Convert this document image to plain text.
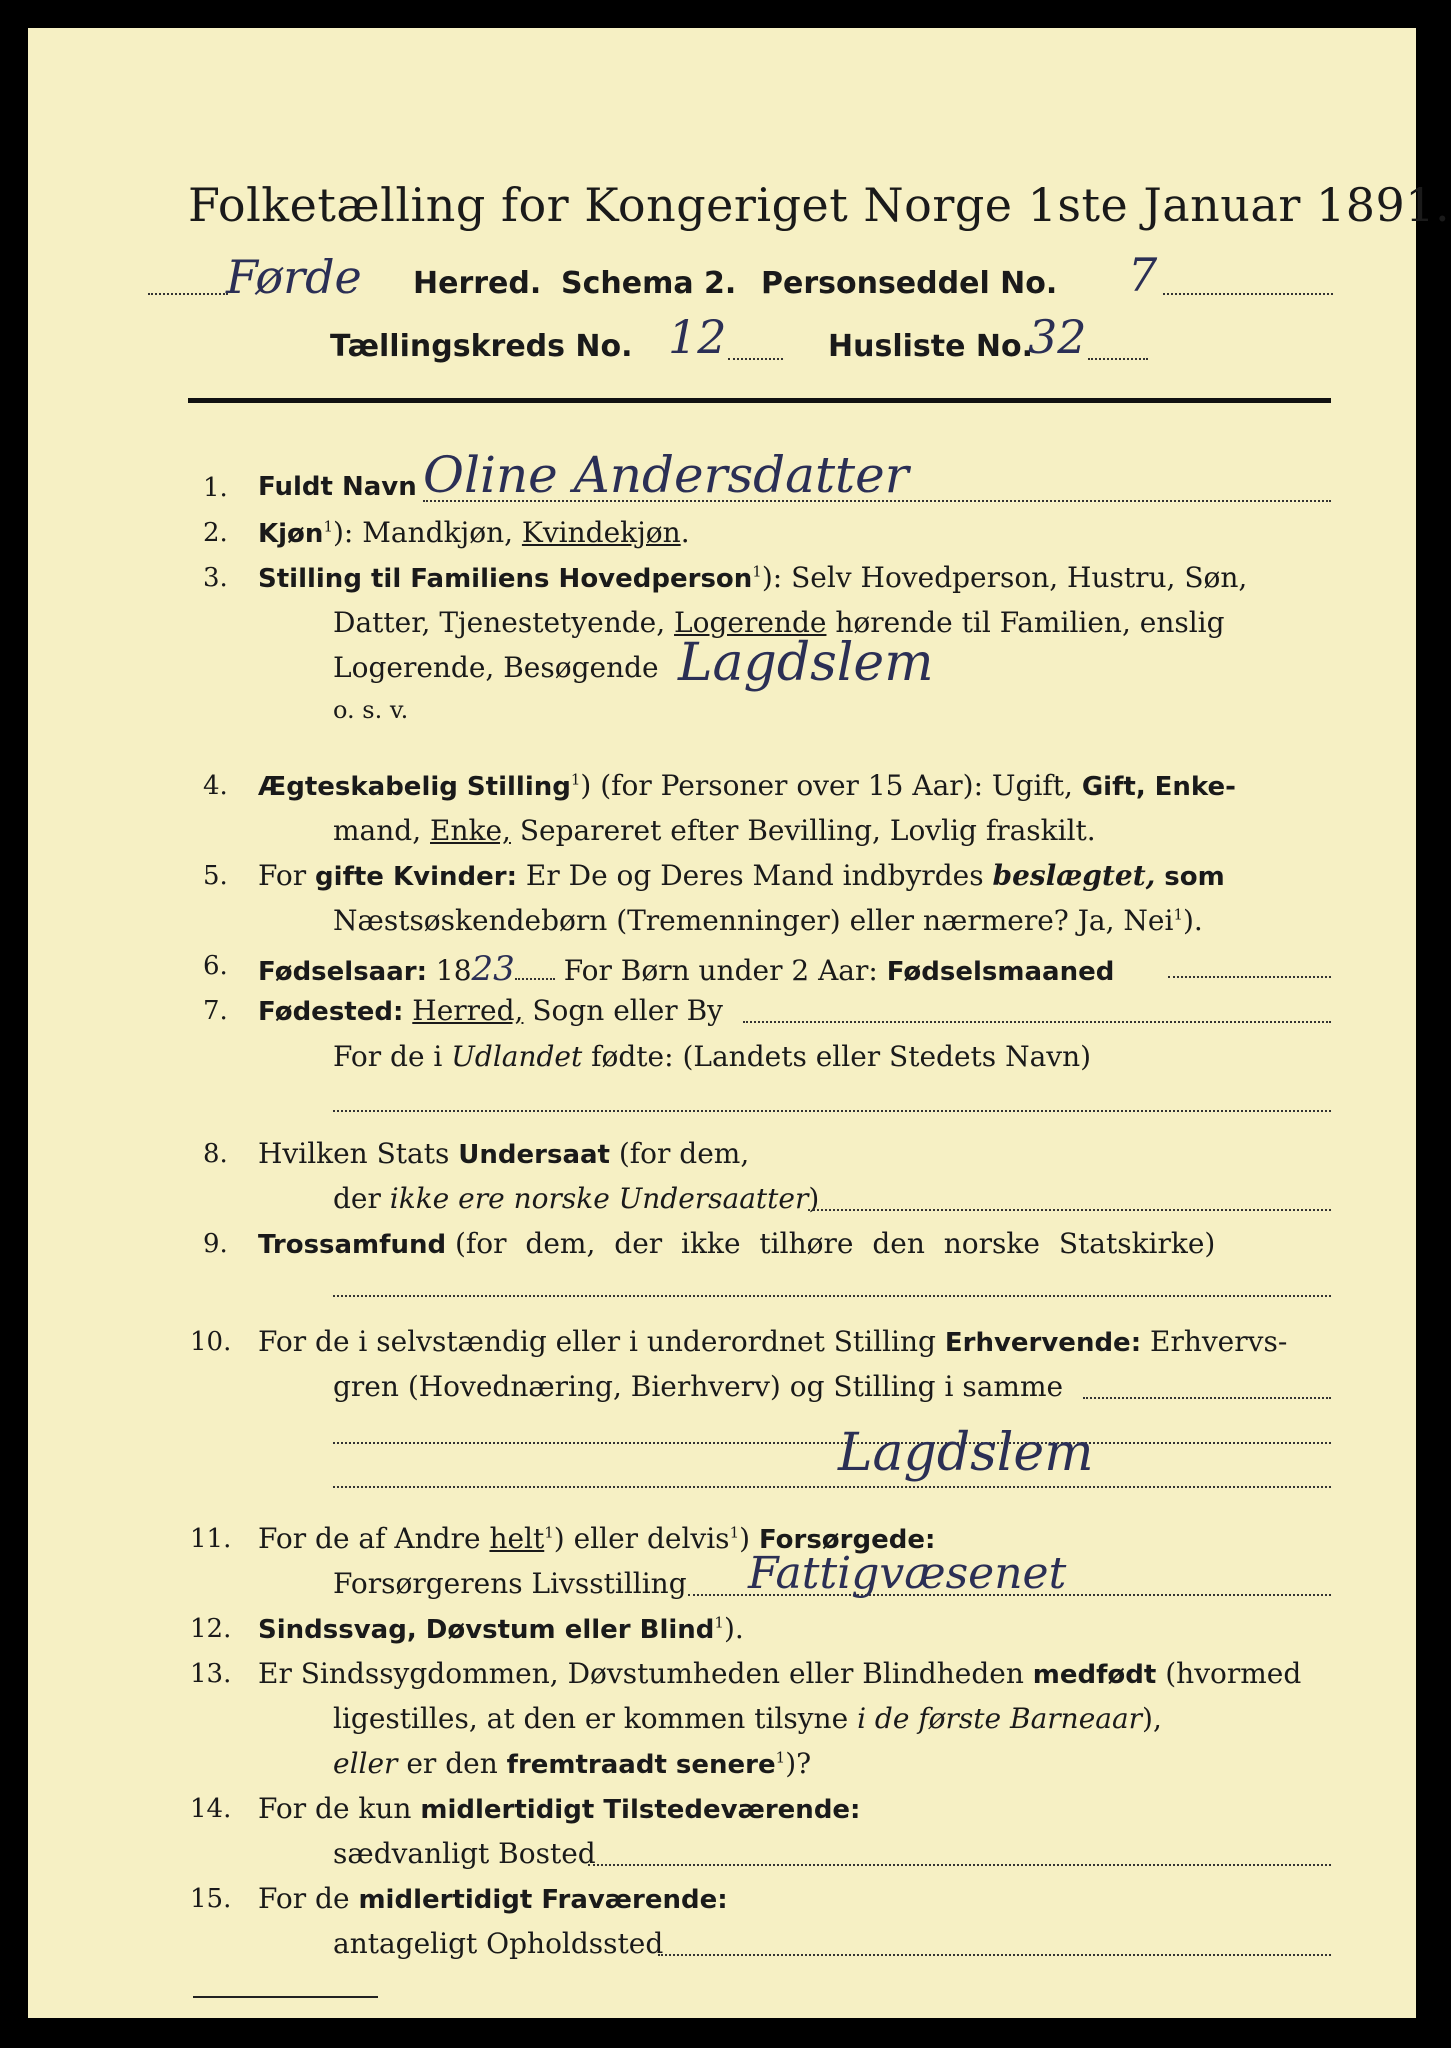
Folketælling for Kongeriget Norge 1ste Januar 1891.
Førde Herred. Schema 2. Personseddel No. 7
Tællingskreds No. 12	Husliste No.
32
1. Fuldt Navn Oline Andersdatter
2. Kjøn$^1$): Mandkjøn, Kvindekjøn.
3. Stilling til Familiens Hovedperson$^1$): Selv Hovedperson, Hustru, Søn,
Datter, Tjenestetyende, Logerende hørende til Familien, enslig
Logerende, Besøgende Lagdslem
o. s. v.
4. Ægteskabelig Stilling$^1$) (for Personer over 15 Aar): Ugift, Gift, Enke-
mand, Enke, Separeret efter Bevilling, Lovlig fraskilt.
5. For gifte Kvinder: Er De og Deres Mand indbyrdes beslægtet, som
Næstsøskendebørn (Tremenninger) eller nærmere? Ja, Nei$^1$).
6. Fødselsaar: 1823 For Børn under 2 Aar: Fødselsmaaned
7. Fødested: Herred, Sogn eller By
For de i Udlandet fødte: (Landets eller Stedets Navn)
8. Hvilken Stats Undersaat (for dem,
der ikke ere norske Undersaatter)
9. Trossamfund (for dem, der ikke tilhøre den norske Statskirke)
10. For de i selvstændig eller i underordnet Stilling Erhvervende: Erhvervs-
gren (Hovednæring, Bierhverv) og Stilling i samme
Lagdslem
11. For de af Andre helt$^1$) eller delvis$^1$) Forsørgede:
Forsørgerens Livsstilling Fattigvæsenet
12. Sindssvag, Døvstum eller Blind$^1$).
13. Er Sindssygdommen, Døvstumheden eller Blindheden medfødt (hvormed
ligestilles, at den er kommen tilsyne i de første Barneaar),
eller er den fremtraadt senere$^1$)?
14. For de kun midlertidigt Tilstedeværende:
sædvanligt Bosted
15. For de midlertidigt Fraværende:
antageligt Opholdssted
